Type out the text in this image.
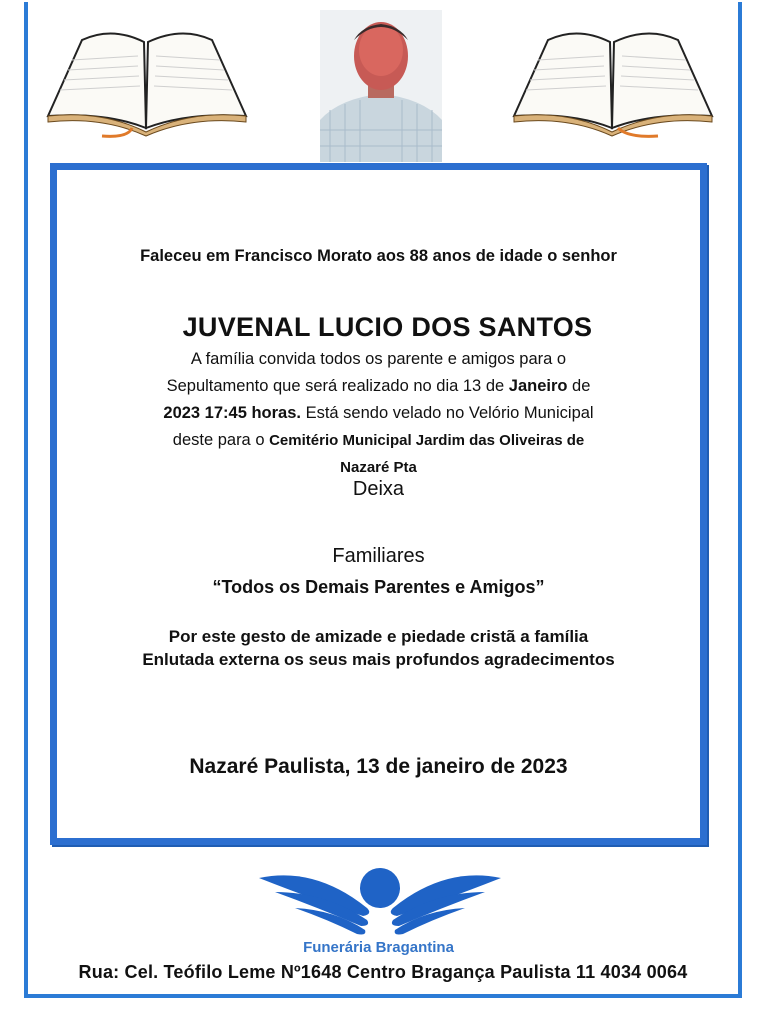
Faleceu em Francisco Morato aos 88 anos de idade o senhor
JUVENAL LUCIO DOS SANTOS
A família convida todos os parente e amigos para o
Sepultamento que será realizado no dia 13 de Janeiro de
2023 17:45 horas. Está sendo velado no Velório Municipal
deste para o Cemitério Municipal Jardim das Oliveiras de
Nazaré Pta
Deixa
Familiares
“Todos os Demais Parentes e Amigos”
Por este gesto de amizade e piedade cristã a família
Enlutada externa os seus mais profundos agradecimentos
Nazaré Paulista, 13 de janeiro de 2023
Funerária Bragantina
Rua: Cel. Teófilo Leme Nº1648 Centro Bragança Paulista 11 4034 0064
